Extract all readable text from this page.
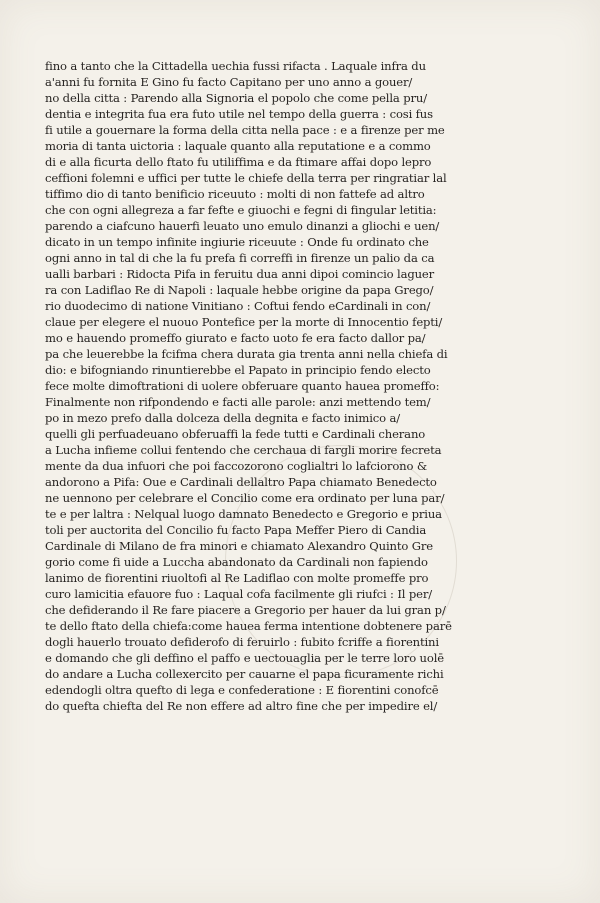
fino a tanto che la Cittadella uechia fussi rifacta . Laquale infra du
a'anni fu fornita E Gino fu facto Capitano per uno anno a gouer/
no della citta : Parendo alla Signoria el popolo che come pella pru/
dentia e integrita fua era futo utile nel tempo della guerra : cosi fus
fi utile a gouernare la forma della citta nella pace : e a firenze per me
moria di tanta uictoria : laquale quanto alla reputatione e a commo
di e alla ficurta dello ftato fu utiliffima e da ftimare affai dopo lepro
ceffioni folemni e uffici per tutte le chiefe della terra per ringratiar lal
tiffimo dio di tanto benificio riceuuto : molti di non fattefe ad altro
che con ogni allegreza a far fefte e giuochi e fegni di fingular letitia:
parendo a ciafcuno hauerfi leuato uno emulo dinanzi a gliochi e uen/
dicato in un tempo infinite ingiurie riceuute : Onde fu ordinato che
ogni anno in tal di che la fu prefa fi correffi in firenze un palio da ca
ualli barbari : Ridocta Pifa in feruitu dua anni dipoi comincio laguer
ra con Ladiflao Re di Napoli : laquale hebbe origine da papa Grego/
rio duodecimo di natione Vinitiano : Coftui fendo eCardinali in con/
claue per elegere el nuouo Pontefice per la morte di Innocentio fepti/
mo e hauendo promeffo giurato e facto uoto fe era facto dallor pa/
pa che leuerebbe la fcifma chera durata gia trenta anni nella chiefa di
dio: e bifogniando rinuntierebbe el Papato in principio fendo electo
fece molte dimoftrationi di uolere obferuare quanto hauea promeffo:
Finalmente non rifpondendo e facti alle parole: anzi mettendo tem/
po in mezo prefo dalla dolceza della degnita e facto inimico a/
quelli gli perfuadeuano obferuaffi la fede tutti e Cardinali cherano
a Lucha infieme collui fentendo che cerchaua di fargli morire fecreta
mente da dua infuori che poi faccozorono coglialtri lo lafciorono &
andorono a Pifa: Oue e Cardinali dellaltro Papa chiamato Benedecto
ne uennono per celebrare el Concilio come era ordinato per luna par/
te e per laltra : Nelqual luogo damnato Benedecto e Gregorio e priua
toli per auctorita del Concilio fu facto Papa Meffer Piero di Candia
Cardinale di Milano de fra minori e chiamato Alexandro Quinto Gre
gorio come fi uide a Luccha abandonato da Cardinali non fapiendo
lanimo de fiorentini riuoltofi al Re Ladiflao con molte promeffe pro
curo lamicitia efauore fuo : Laqual cofa facilmente gli riufci : Il per/
che defiderando il Re fare piacere a Gregorio per hauer da lui gran p/
te dello ftato della chiefa:come hauea ferma intentione dobtenere parē
dogli hauerlo trouato defiderofo di feruirlo : fubito fcriffe a fiorentini
e domando che gli deffino el paffo e uectouaglia per le terre loro uolē
do andare a Lucha collexercito per cauarne el papa ficuramente richi
edendogli oltra quefto di lega e confederatione : E fiorentini conofcē
do quefta chiefta del Re non effere ad altro fine che per impedire el/
